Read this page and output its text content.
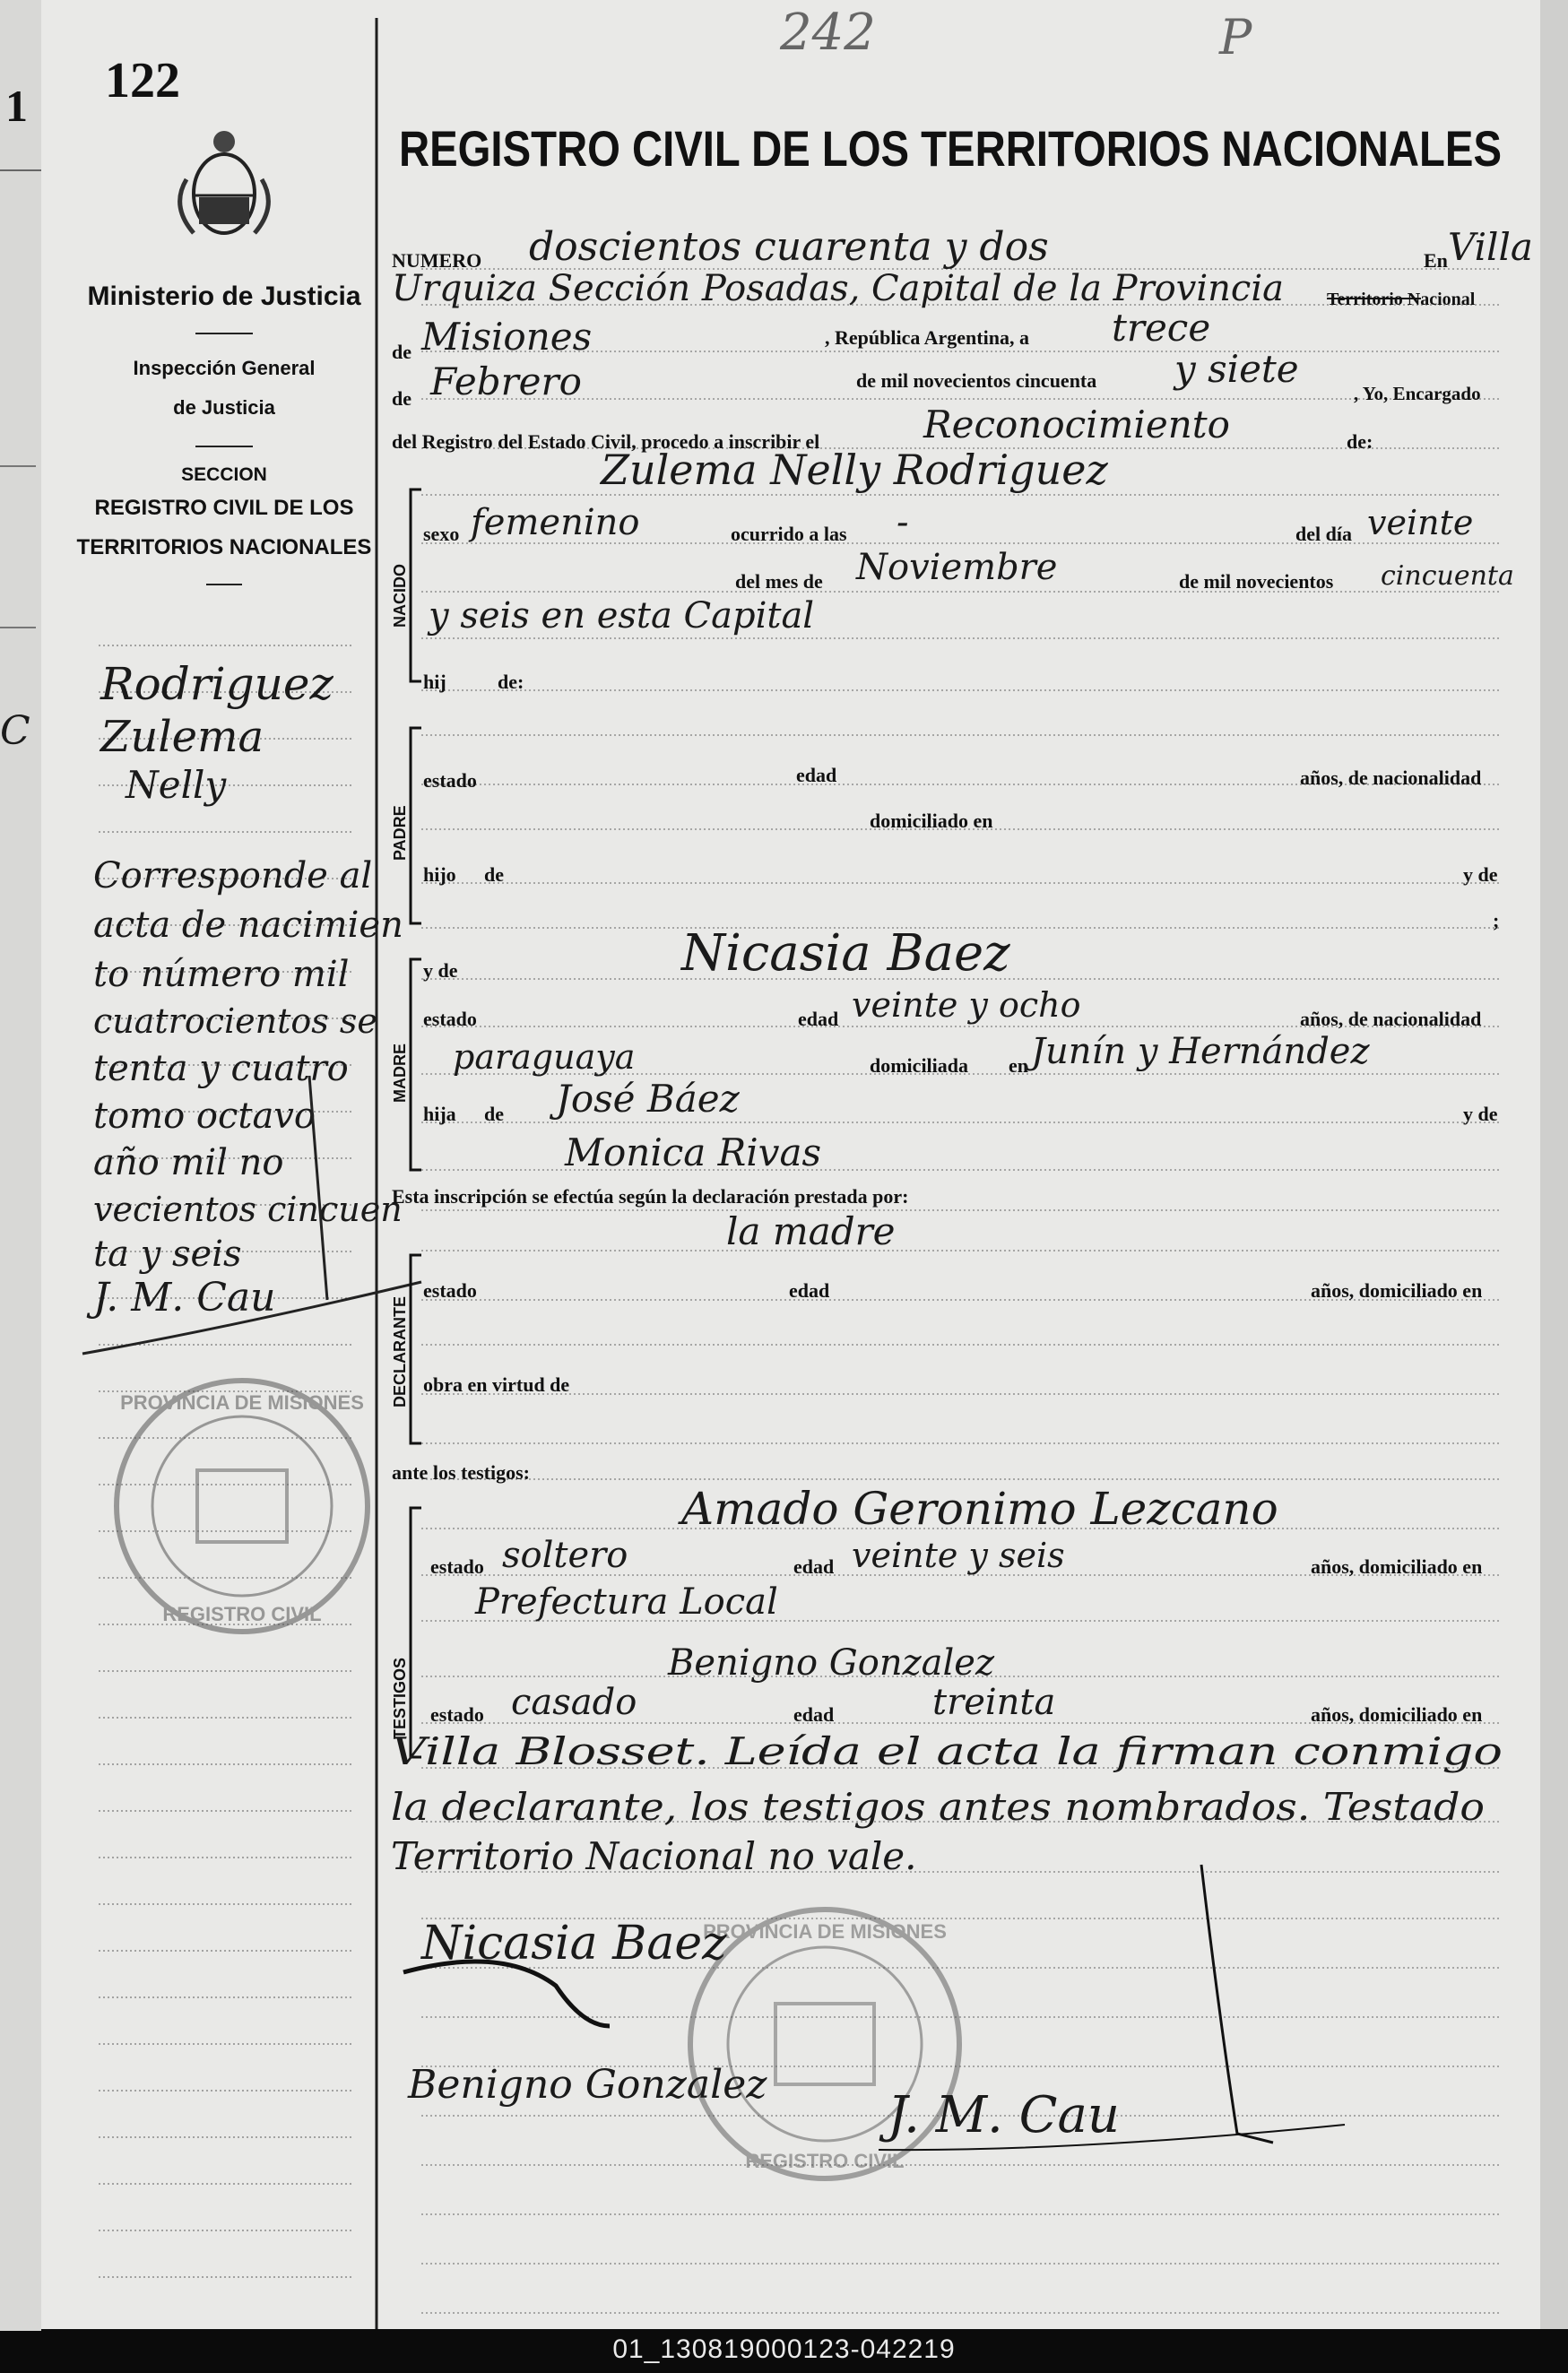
1
C
122
242	P
Ministerio de Justicia
Inspección General
de Justicia
SECCION
REGISTRO CIVIL DE LOS
TERRITORIOS NACIONALES
Rodriguez
Zulema
Nelly
Corresponde al
acta de nacimien
to número mil
cuatrocientos se
tenta y cuatro
tomo octavo
año mil no
vecientos cincuen
ta y seis
J. M. Cau
PROVINCIA DE MISIONES
REGISTRO CIVIL
REGISTRO CIVIL DE LOS TERRITORIOS NACIONALES
NUMERO doscientos cuarenta y dos	En Villa
Urquiza Sección Posadas, Capital de la Provincia Territorio Nacional
de Misiones	, República Argentina, a trece
de Febrero	de mil novecientos cincuenta y siete
, Yo, Encargado
del Registro del Estado Civil, procedo a inscribir el	Reconocimiento	de:
NACIDO
Zulema Nelly Rodriguez
sexo femenino	ocurrido a las -	del día veinte
del mes de Noviembre	de mil novecientos cincuenta
y seis en esta Capital
hij	de:
PADRE
estado	edad	años, de nacionalidad
domiciliado en
hijo de	y de
;
MADRE
y de	Nicasia Baez
estado	edad veinte y ocho	años, de nacionalidad
paraguaya	domiciliada en Junín y Hernández
hija de José Báez	y de
Monica Rivas
Esta inscripción se efectúa según la declaración prestada por:
la madre
DECLARANTE
estado	edad	años, domiciliado en
obra en virtud de
ante los testigos:
TESTIGOS
Amado Geronimo Lezcano
estado soltero	edad veinte y seis	años, domiciliado en
Prefectura Local
Benigno Gonzalez
estado casado	edad	treinta	años, domiciliado en
Villa Blosset. Leída el acta la firman conmigo
la declarante, los testigos antes nombrados. Testado
Territorio Nacional no vale.
PROVINCIA DE MISIONES
REGISTRO CIVIL
Nicasia Baez
Benigno Gonzalez
J. M. Cau
01_130819000123-042219
